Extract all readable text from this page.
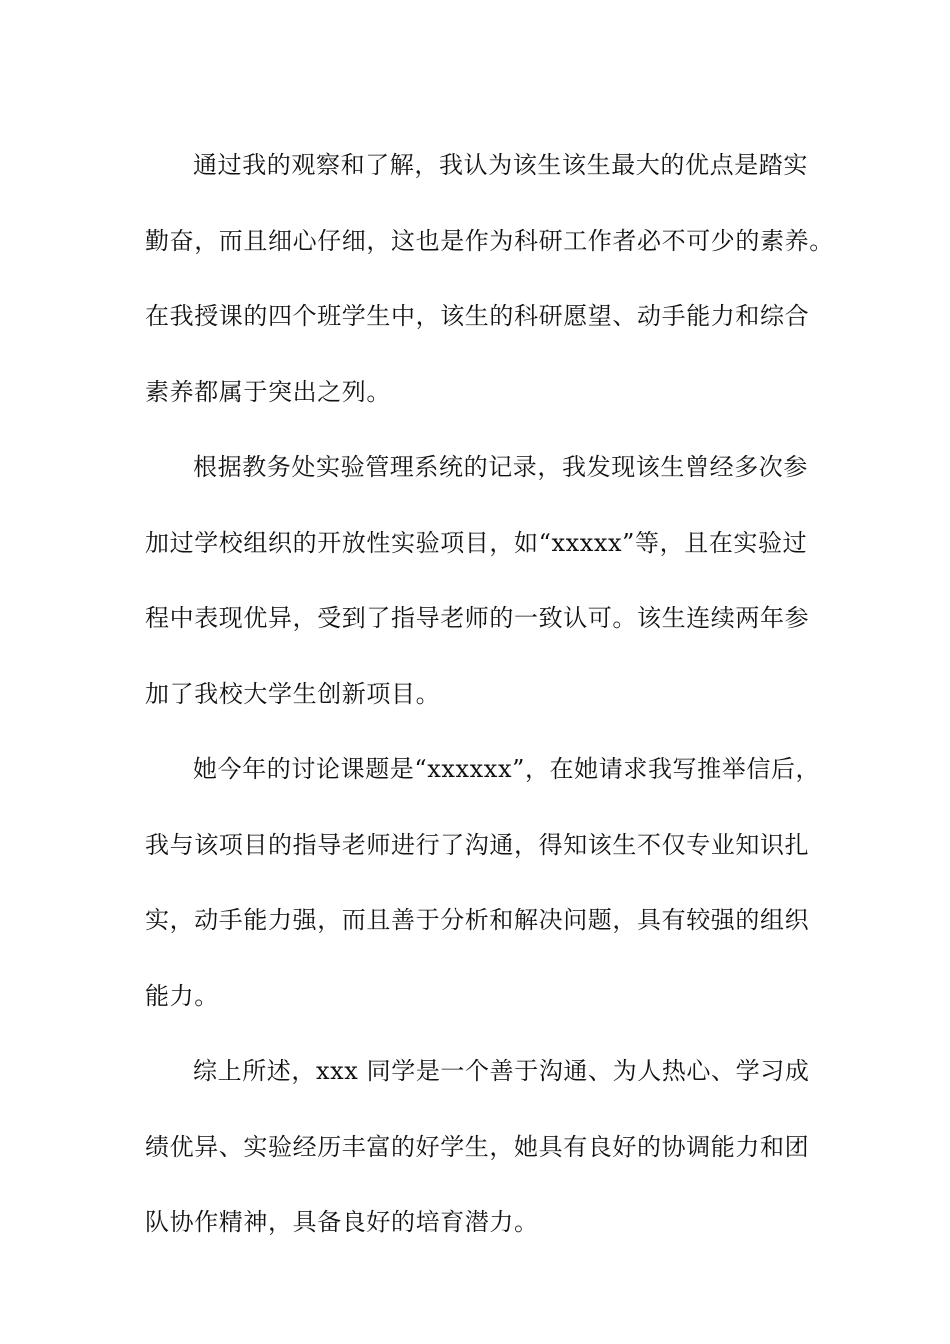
通过我的观察和了解，我认为该生该生最大的优点是踏实
勤奋，而且细心仔细，这也是作为科研工作者必不可少的素养。
在我授课的四个班学生中，该生的科研愿望、动手能力和综合
素养都属于突出之列。
根据教务处实验管理系统的记录，我发现该生曾经多次参
加过学校组织的开放性实验项目，如“xxxxx”等，且在实验过
程中表现优异，受到了指导老师的一致认可。该生连续两年参
加了我校大学生创新项目。
她今年的讨论课题是“xxxxxx”，在她请求我写推举信后，
我与该项目的指导老师进行了沟通，得知该生不仅专业知识扎
实，动手能力强，而且善于分析和解决问题，具有较强的组织
能力。
综上所述，xxx 同学是一个善于沟通、为人热心、学习成
绩优异、实验经历丰富的好学生，她具有良好的协调能力和团
队协作精神，具备良好的培育潜力。
